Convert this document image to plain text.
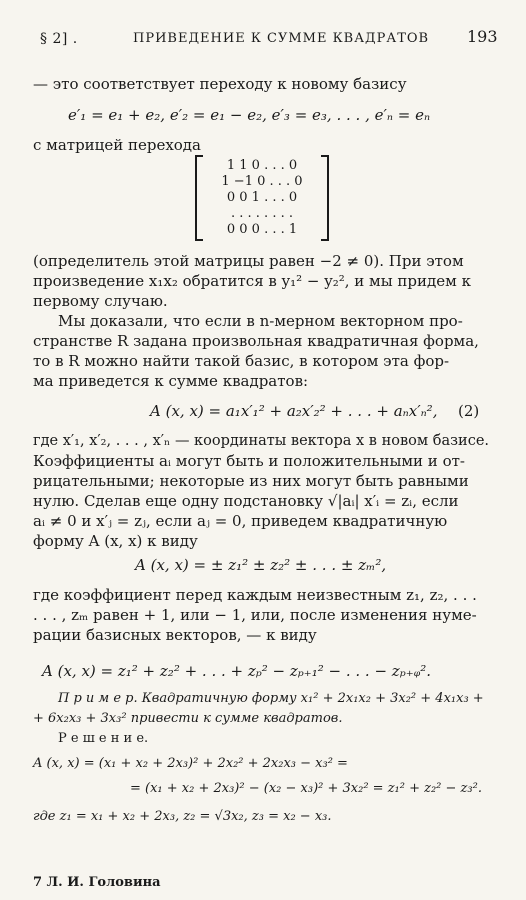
§ 2] .	ПРИВЕДЕНИЕ К СУММЕ КВАДРАТОВ 193
— это соответствует переходу к новому базису
e′₁ = e₁ + e₂, e′₂ = e₁ − e₂, e′₃ = e₃, . . . , e′ₙ = eₙ
с матрицей перехода
1 1 0 . . . 0
1 −1 0 . . . 0
0 0 1 . . . 0
. . . . . . . .
0 0 0 . . . 1
(определитель этой матрицы равен −2 ≠ 0). При этом
произведение x₁x₂ обратится в y₁² − y₂², и мы придем к
первому случаю.
Мы доказали, что если в n-мерном векторном про-
странстве R задана произвольная квадратичная форма,
то в R можно найти такой базис, в котором эта фор-
ма приведется к сумме квадратов:
A (x, x) = a₁x′₁² + a₂x′₂² + . . . + aₙx′ₙ², (2)
где x′₁, x′₂, . . . , x′ₙ — координаты вектора x в новом базисе.
Коэффициенты aᵢ могут быть и положительными и от-
рицательными; некоторые из них могут быть равными
нулю. Сделав еще одну подстановку √|aᵢ| x′ᵢ = zᵢ, если
aᵢ ≠ 0 и x′ⱼ = zⱼ, если aⱼ = 0, приведем квадратичную
форму A (x, x) к виду
A (x, x) = ± z₁² ± z₂² ± . . . ± zₘ²,
где коэффициент перед каждым неизвестным z₁, z₂, . . .
. . . , zₘ равен + 1, или − 1, или, после изменения нуме-
рации базисных векторов, — к виду
A (x, x) = z₁² + z₂² + . . . + zₚ² − zₚ₊₁² − . . . − zₚ₊ᵩ².
П р и м е р. Квадратичную форму x₁² + 2x₁x₂ + 3x₂² + 4x₁x₃ +
+ 6x₂x₃ + 3x₃² привести к сумме квадратов.
Р е ш е н и е.
A (x, x) = (x₁ + x₂ + 2x₃)² + 2x₂² + 2x₂x₃ − x₃² =
= (x₁ + x₂ + 2x₃)² − (x₂ − x₃)² + 3x₂² = z₁² + z₂² − z₃².
где z₁ = x₁ + x₂ + 2x₃, z₂ = √3x₂, z₃ = x₂ − x₃.
7 Л. И. Головина
